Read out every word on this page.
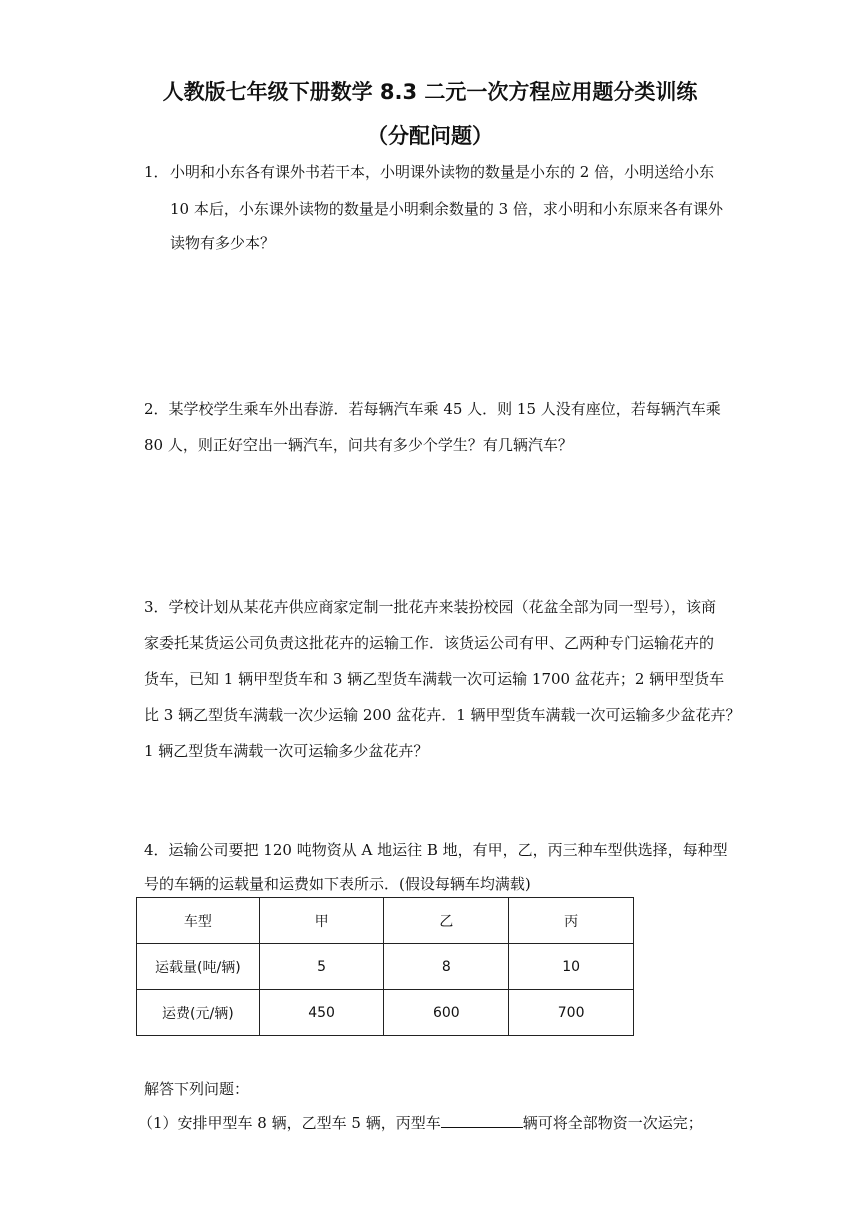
人教版七年级下册数学 8.3 二元一次方程应用题分类训练
（分配问题）
1．小明和小东各有课外书若干本，小明课外读物的数量是小东的 2 倍，小明送给小东
10 本后，小东课外读物的数量是小明剩余数量的 3 倍，求小明和小东原来各有课外
读物有多少本？
2．某学校学生乘车外出春游．若每辆汽车乘 45 人．则 15 人没有座位，若每辆汽车乘
80 人，则正好空出一辆汽车，问共有多少个学生？有几辆汽车？
3．学校计划从某花卉供应商家定制一批花卉来装扮校园（花盆全部为同一型号），该商
家委托某货运公司负责这批花卉的运输工作．该货运公司有甲、乙两种专门运输花卉的
货车，已知 1 辆甲型货车和 3 辆乙型货车满载一次可运输 1700 盆花卉；2 辆甲型货车
比 3 辆乙型货车满载一次少运输 200 盆花卉．1 辆甲型货车满载一次可运输多少盆花卉？
1 辆乙型货车满载一次可运输多少盆花卉？
4．运输公司要把 120 吨物资从 A 地运往 B 地，有甲，乙，丙三种车型供选择，每种型
号的车辆的运载量和运费如下表所示．(假设每辆车均满载)
车型	甲	乙	丙
运载量(吨/辆)	5	8	10
运费(元/辆)	450	600	700
解答下列问题：
（1）安排甲型车 8 辆，乙型车 5 辆，丙型车	辆可将全部物资一次运完；
